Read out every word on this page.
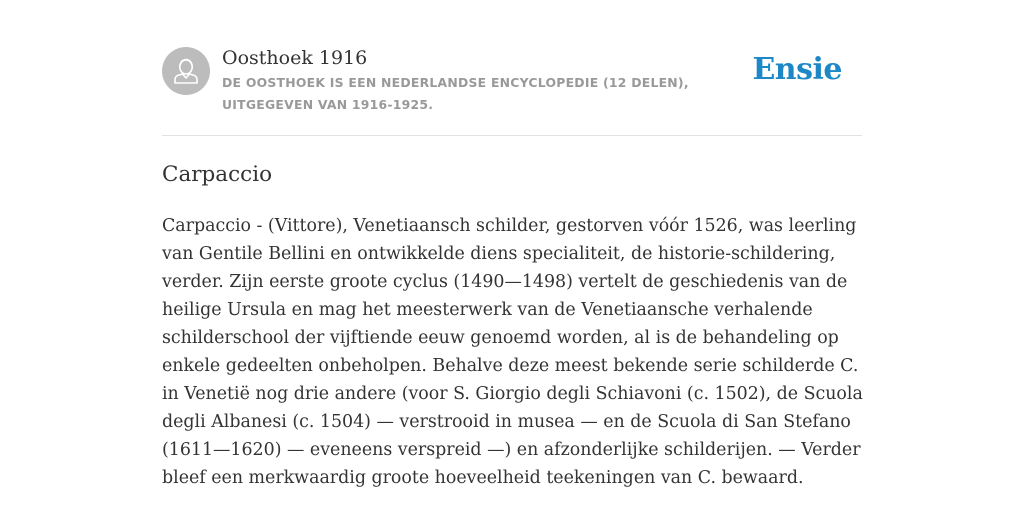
Oosthoek 1916
DE OOSTHOEK IS EEN NEDERLANDSE ENCYCLOPEDIE (12 DELEN), UITGEGEVEN VAN 1916-1925.
Ensie
Carpaccio

Carpaccio - (Vittore), Venetiaansch schilder, gestorven vóór 1526, was leerling van Gentile Bellini en ontwikkelde diens specialiteit, de historie-schildering, verder. Zijn eerste groote cyclus (1490—1498) vertelt de geschiedenis van de heilige Ursula en mag het meesterwerk van de Venetiaansche verhalende schilderschool der vijftiende eeuw genoemd worden, al is de behandeling op enkele gedeelten onbeholpen. Behalve deze meest bekende serie schilderde C. in Venetië nog drie andere (voor S. Giorgio degli Schiavoni (c. 1502), de Scuola degli Albanesi (c. 1504) — verstrooid in musea — en de Scuola di San Stefano (1611—1620) — eveneens verspreid —) en afzonderlijke schilderijen. — Verder bleef een merkwaardig groote hoeveelheid teekeningen van C. bewaard.
